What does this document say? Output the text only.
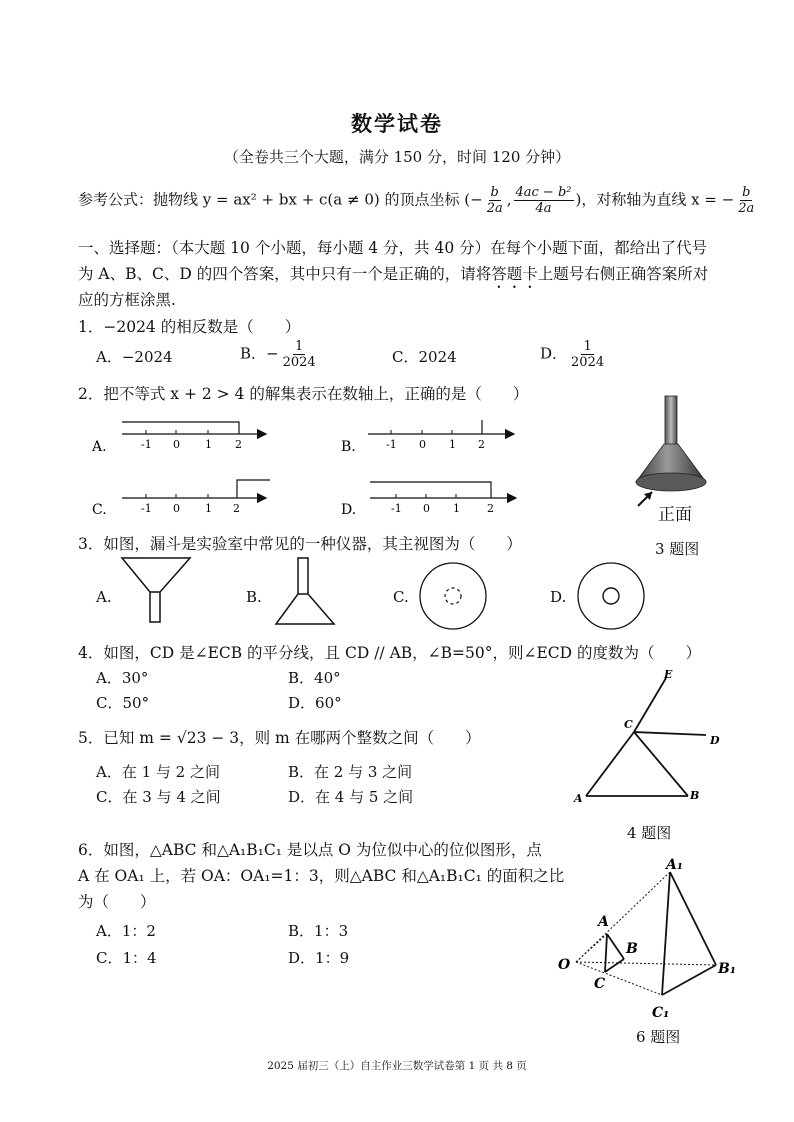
数学试卷
（全卷共三个大题，满分 150 分，时间 120 分钟）
参考公式：抛物线 y = ax² + bx + c(a ≠ 0) 的顶点坐标 (− $\frac{b}{2a}$ , $\frac{\text{4ac − b²}}{4a}$ )，对称轴为直线 x = − $\frac{b}{2a}$
一、选择题：（本大题 10 个小题，每小题 4 分，共 40 分）在每个小题下面，都给出了代号
为 A、B、C、D 的四个答案，其中只有一个是正确的，请将答题卡上题号右侧正确答案所对
应的方框涂黑.
1．−2024 的相反数是（　　）
A．−2024	B．− $\frac{1}{2024}$	C．2024	D． $\frac{1}{2024}$
2．把不等式 x + 2 > 4 的解集表示在数轴上，正确的是（　　）
A.	-1 0 1 2	B.	-1 0 1 2
C.	-1 0 1 2	D.	-1 0 1 2	正面
3 题图
3．如图，漏斗是实验室中常见的一种仪器，其主视图为（　　）
A.	B.	C.	D.
4．如图，CD 是∠ECB 的平分线，且 CD // AB，∠B=50°，则∠ECD 的度数为（　　）
A．30°	B．40°
C．50°	D．60°
E
C
D
A	B
4 题图
5．已知 m = √23 − 3，则 m 在哪两个整数之间（　　）
A．在 1 与 2 之间	B．在 2 与 3 之间
C．在 3 与 4 之间	D．在 4 与 5 之间
6．如图，△ABC 和△A₁B₁C₁ 是以点 O 为位似中心的位似图形，点
A 在 OA₁ 上，若 OA：OA₁=1：3，则△ABC 和△A₁B₁C₁ 的面积之比
为（　　）
A．1：2	B．1：3
C．1：4	D．1：9	O
A
B
C
A₁
B₁
C₁
6 题图
2025 届初三（上）自主作业三数学试卷第 1 页 共 8 页
